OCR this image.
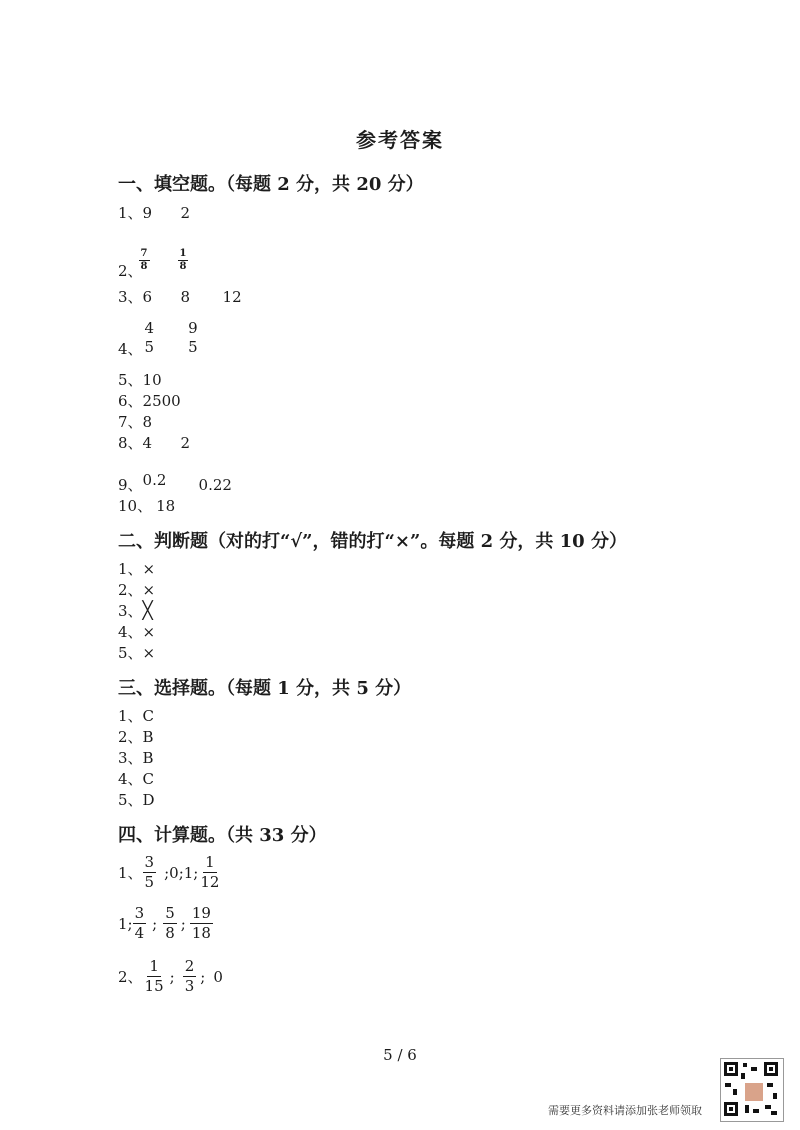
参考答案
一、填空题。（每题 2 分，共 20 分）
1、 9	2
2、
$\frac{7}{8}$	$\frac{1}{8}$
3、 6	8	12
4、
4
5
9
5
5、 10
6、 2500
7、 8
8、 4	2
9、 0.2	0.22
10、 18
二、判断题（对的打“√”，错的打“×”。每题 2 分，共 10 分）
1、 ×
2、 ×
3、 ╳
4、 ×
5、 ×
三、选择题。（每题 1 分，共 5 分）
1、 C
2、 B
3、 B
4、 C
5、 D
四、计算题。（共 33 分）
1、 $\frac{3}{5}$ ;0;1; $\frac{1}{12}$
1; $\frac{3}{4}$ ; $\frac{5}{8}$ ; $\frac{19}{18}$
2、 $\frac{1}{15}$ ; $\frac{2}{3}$ ; 0
5 / 6
需要更多资料请添加张老师领取
